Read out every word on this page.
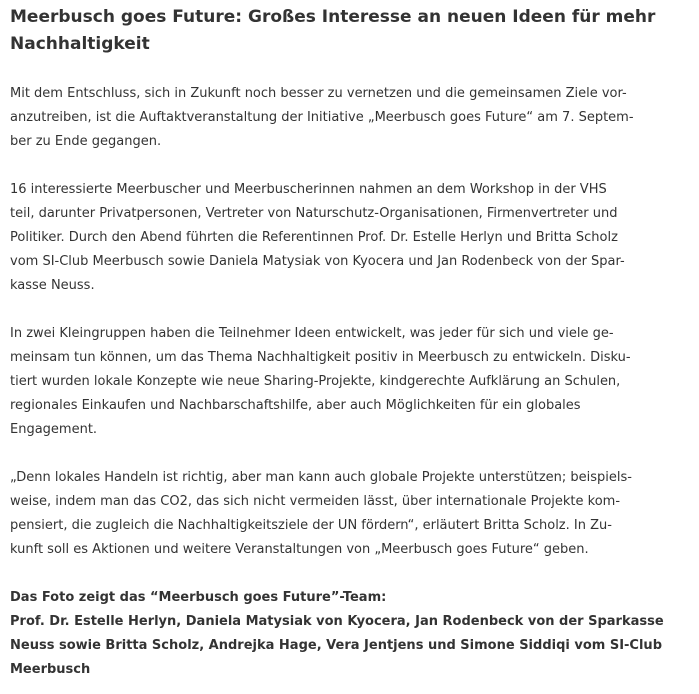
Meerbusch goes Future: Großes Interesse an neuen Ideen für mehr
Nachhaltigkeit

Mit dem Entschluss, sich in Zukunft noch besser zu vernetzen und die gemeinsamen Ziele vor-
anzutreiben, ist die Auftaktveranstaltung der Initiative „Meerbusch goes Future“ am 7. Septem-
ber zu Ende gegangen.

16 interessierte Meerbuscher und Meerbuscherinnen nahmen an dem Workshop in der VHS
teil, darunter Privatpersonen, Vertreter von Naturschutz-Organisationen, Firmenvertreter und
Politiker. Durch den Abend führten die Referentinnen Prof. Dr. Estelle Herlyn und Britta Scholz
vom SI-Club Meerbusch sowie Daniela Matysiak von Kyocera und Jan Rodenbeck von der Spar-
kasse Neuss.

In zwei Kleingruppen haben die Teilnehmer Ideen entwickelt, was jeder für sich und viele ge-
meinsam tun können, um das Thema Nachhaltigkeit positiv in Meerbusch zu entwickeln. Disku-
tiert wurden lokale Konzepte wie neue Sharing-Projekte, kindgerechte Aufklärung an Schulen,
regionales Einkaufen und Nachbarschaftshilfe, aber auch Möglichkeiten für ein globales
Engagement.

„Denn lokales Handeln ist richtig, aber man kann auch globale Projekte unterstützen; beispiels-
weise, indem man das CO2, das sich nicht vermeiden lässt, über internationale Projekte kom-
pensiert, die zugleich die Nachhaltigkeitsziele der UN fördern“, erläutert Britta Scholz. In Zu-
kunft soll es Aktionen und weitere Veranstaltungen von „Meerbusch goes Future“ geben.

Das Foto zeigt das “Meerbusch goes Future”-Team:
Prof. Dr. Estelle Herlyn, Daniela Matysiak von Kyocera, Jan Rodenbeck von der Sparkasse
Neuss sowie Britta Scholz, Andrejka Hage, Vera Jentjens und Simone Siddiqi vom SI-Club
Meerbusch
